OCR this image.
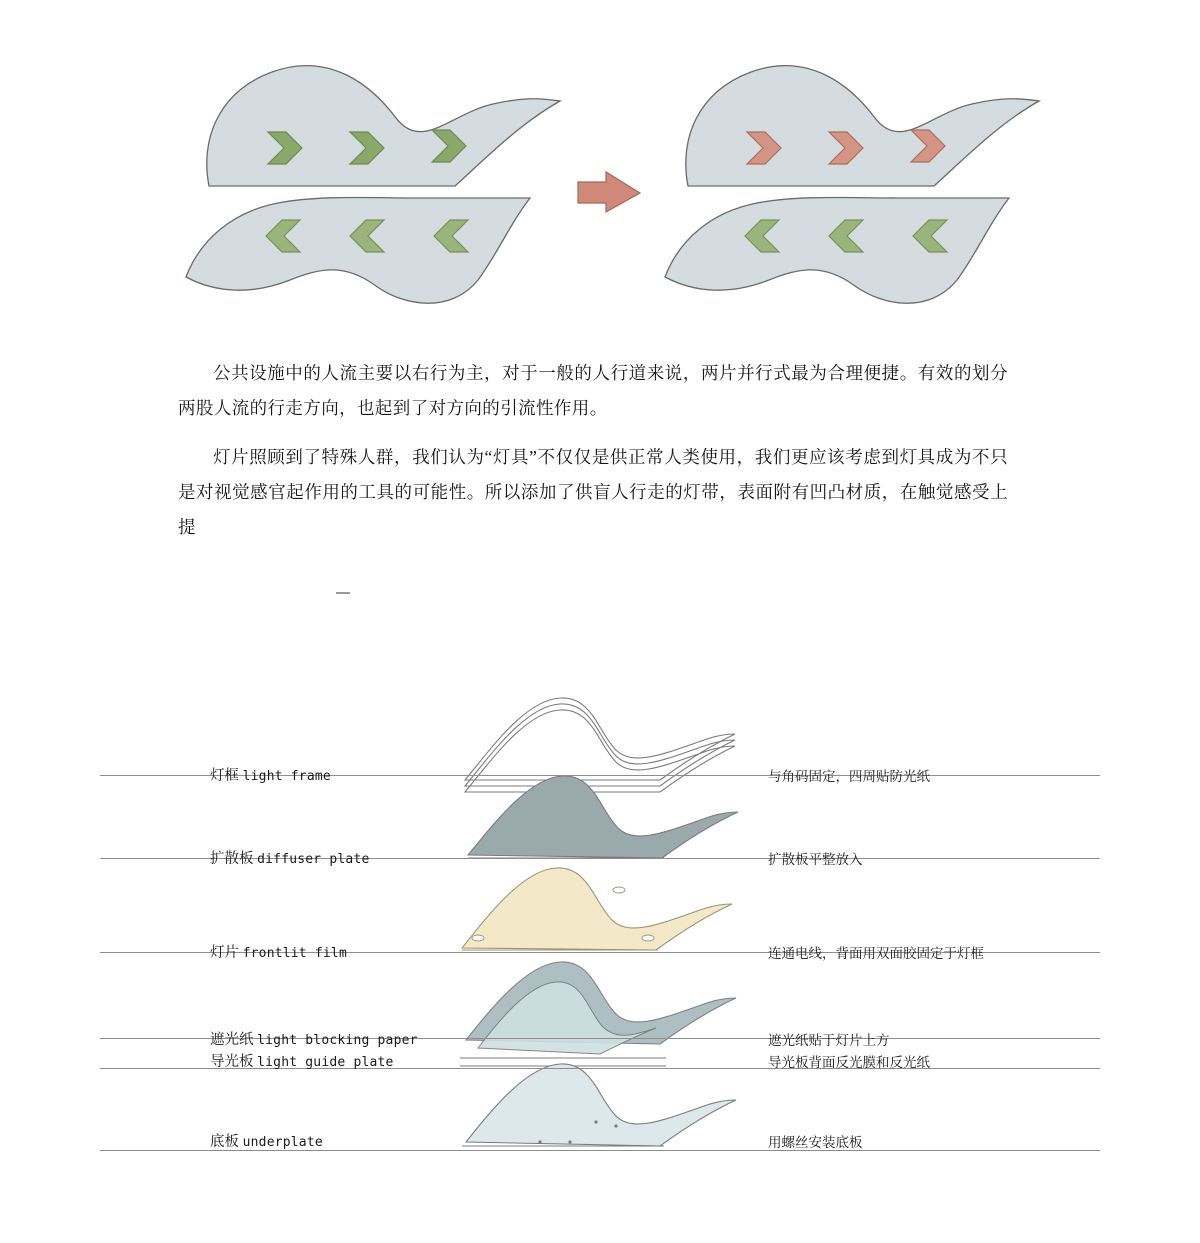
公共设施中的人流主要以右行为主，对于一般的人行道来说，两片并行式最为合理便捷。有效的划分两股人流的行走方向，也起到了对方向的引流性作用。

灯片照顾到了特殊人群，我们认为“灯具”不仅仅是供正常人类使用，我们更应该考虑到灯具成为不只是对视觉感官起作用的工具的可能性。所以添加了供盲人行走的灯带，表面附有凹凸材质，在触觉感受上提

灯框 light frame	与角码固定，四周贴防光纸
扩散板 diffuser plate	扩散板平整放入
灯片 frontlit film	连通电线，背面用双面胶固定于灯框
遮光纸 light blocking paper	遮光纸贴于灯片上方
导光板 light guide plate	导光板背面反光膜和反光纸
底板 underplate	用螺丝安装底板
